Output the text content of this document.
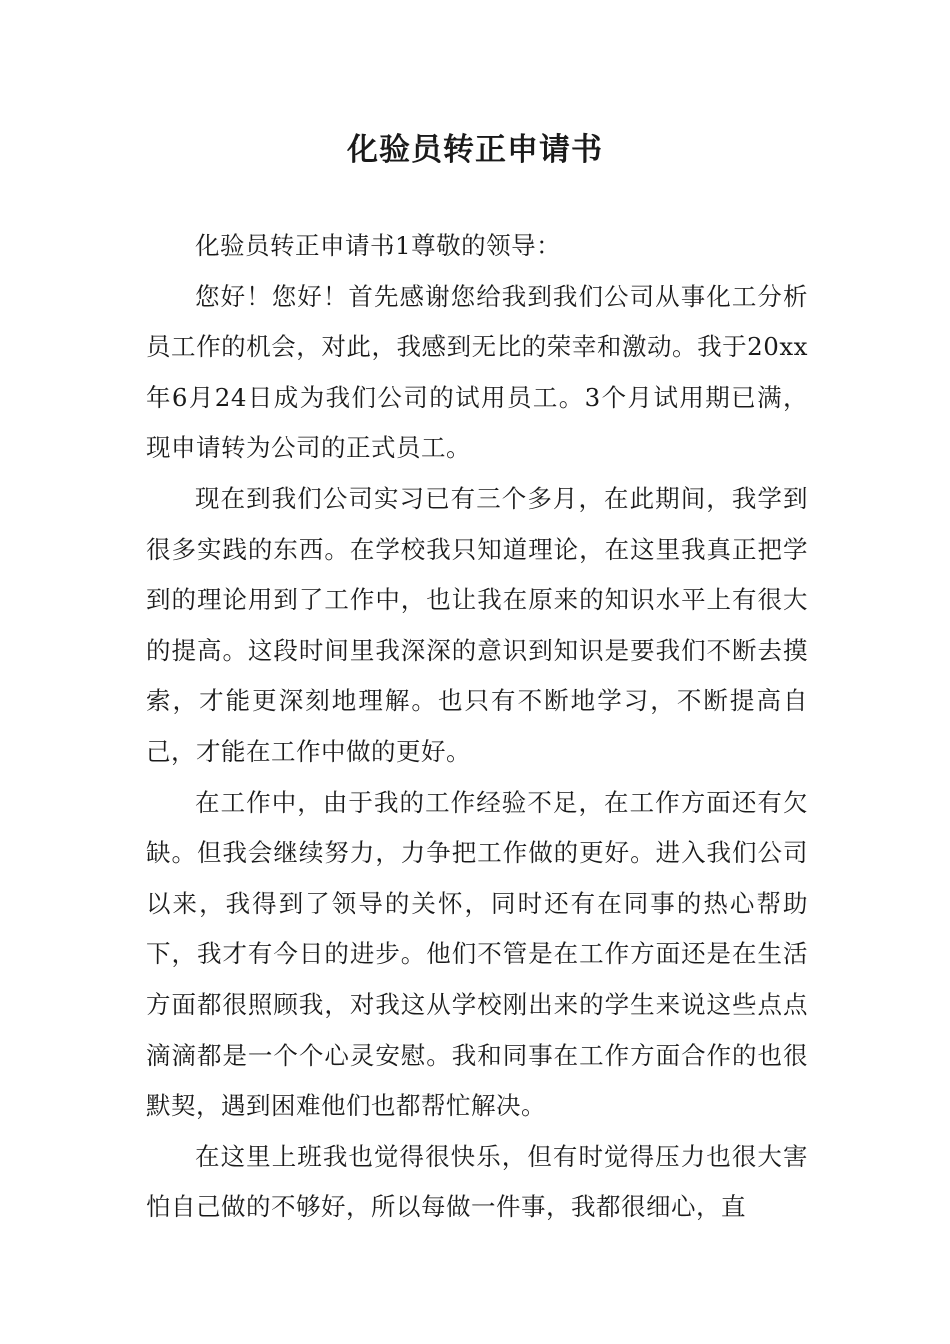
化验员转正申请书

化验员转正申请书1尊敬的领导：

您好！您好！首先感谢您给我到我们公司从事化工分析员工作的机会，对此，我感到无比的荣幸和激动。我于20xx年6月24日成为我们公司的试用员工。3个月试用期已满，现申请转为公司的正式员工。

现在到我们公司实习已有三个多月，在此期间，我学到很多实践的东西。在学校我只知道理论，在这里我真正把学到的理论用到了工作中，也让我在原来的知识水平上有很大的提高。这段时间里我深深的意识到知识是要我们不断去摸索，才能更深刻地理解。也只有不断地学习，不断提高自己，才能在工作中做的更好。

在工作中，由于我的工作经验不足，在工作方面还有欠缺。但我会继续努力，力争把工作做的更好。进入我们公司以来，我得到了领导的关怀，同时还有在同事的热心帮助下，我才有今日的进步。他们不管是在工作方面还是在生活方面都很照顾我，对我这从学校刚出来的学生来说这些点点滴滴都是一个个心灵安慰。我和同事在工作方面合作的也很默契，遇到困难他们也都帮忙解决。

在这里上班我也觉得很快乐，但有时觉得压力也很大害怕自己做的不够好，所以每做一件事，我都很细心，直
